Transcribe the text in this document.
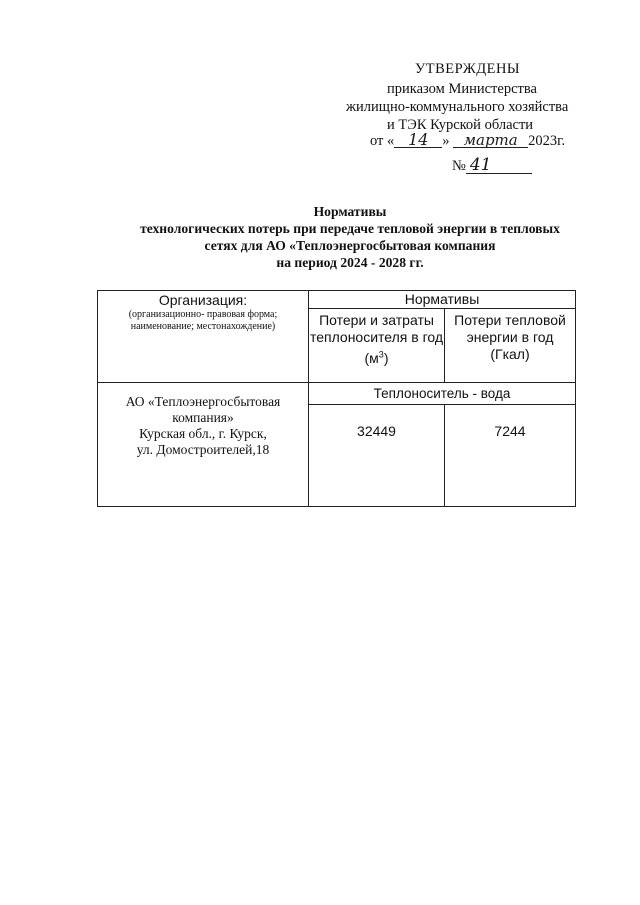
УТВЕРЖДЕНЫ
приказом Министерства
жилищно-коммунального хозяйства
и ТЭК Курской области
от « 14 » марта 2023г.
№ 41
Нормативы
технологических потерь при передаче тепловой энергии в тепловых
сетях для АО «Теплоэнергосбытовая компания
на период 2024 - 2028 гг.
Организация:
(организационно- правовая форма; наименование; местонахождение)	Нормативы	
	Потери и затраты теплоносителя в год $(м^3)$	Потери тепловой энергии в год (Гкал)

АО «Теплоэнергосбытовая
компания»
Курская обл., г. Курск,
ул. Домостроителей,18	Теплоноситель - вода	
	32449	7244
